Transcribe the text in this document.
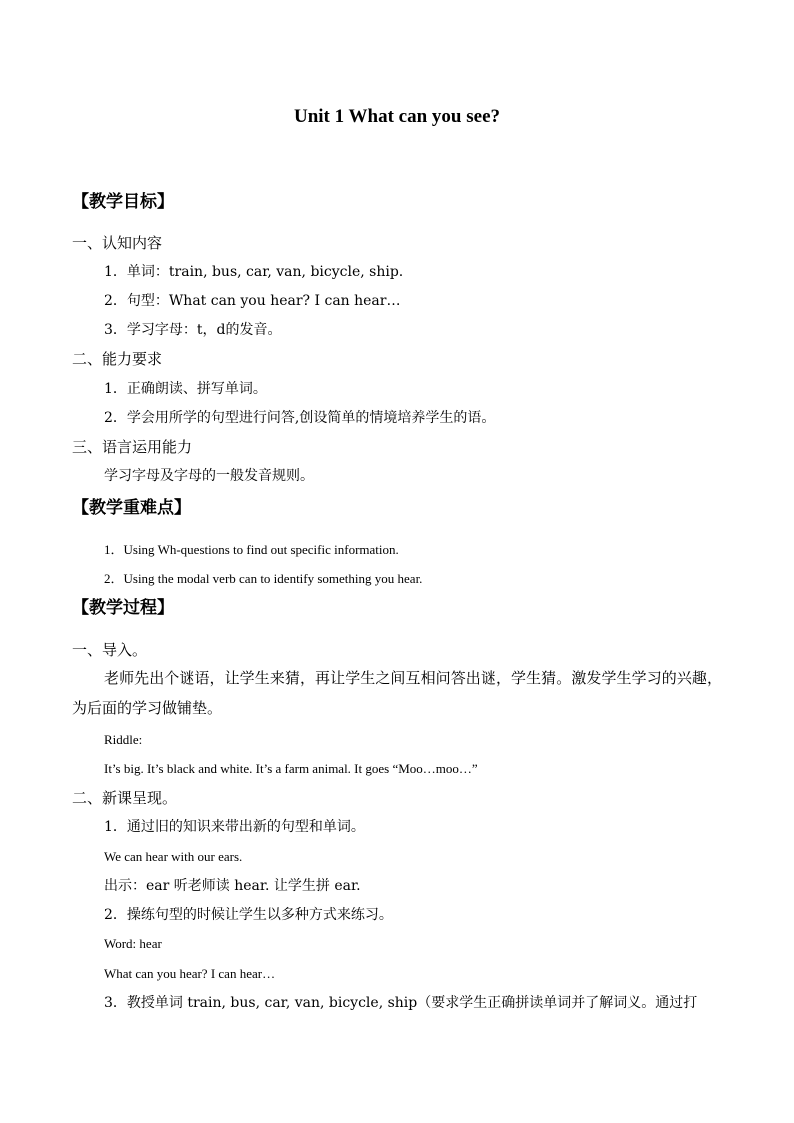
Unit 1 What can you see?
【教学目标】
一、认知内容
1．单词：train, bus, car, van, bicycle, ship.
2．句型：What can you hear? I can hear…
3．学习字母：t，d的发音。
二、能力要求
1．正确朗读、拼写单词。
2．学会用所学的句型进行问答,创设简单的情境培养学生的语。
三、语言运用能力
学习字母及字母的一般发音规则。
【教学重难点】
1．Using Wh-questions to find out specific information.
2．Using the modal verb can to identify something you hear.
【教学过程】
一、导入。
老师先出个谜语，让学生来猜，再让学生之间互相问答出谜，学生猜。激发学生学习的兴趣，为后面的学习做铺垫。
Riddle:
It’s big. It’s black and white. It’s a farm animal. It goes “Moo…moo…”
二、新课呈现。
1．通过旧的知识来带出新的句型和单词。
We can hear with our ears.
出示：ear 听老师读 hear. 让学生拼 ear.
2．操练句型的时候让学生以多种方式来练习。
Word: hear
What can you hear? I can hear…
3．教授单词 train, bus, car, van, bicycle, ship（要求学生正确拼读单词并了解词义。通过打
